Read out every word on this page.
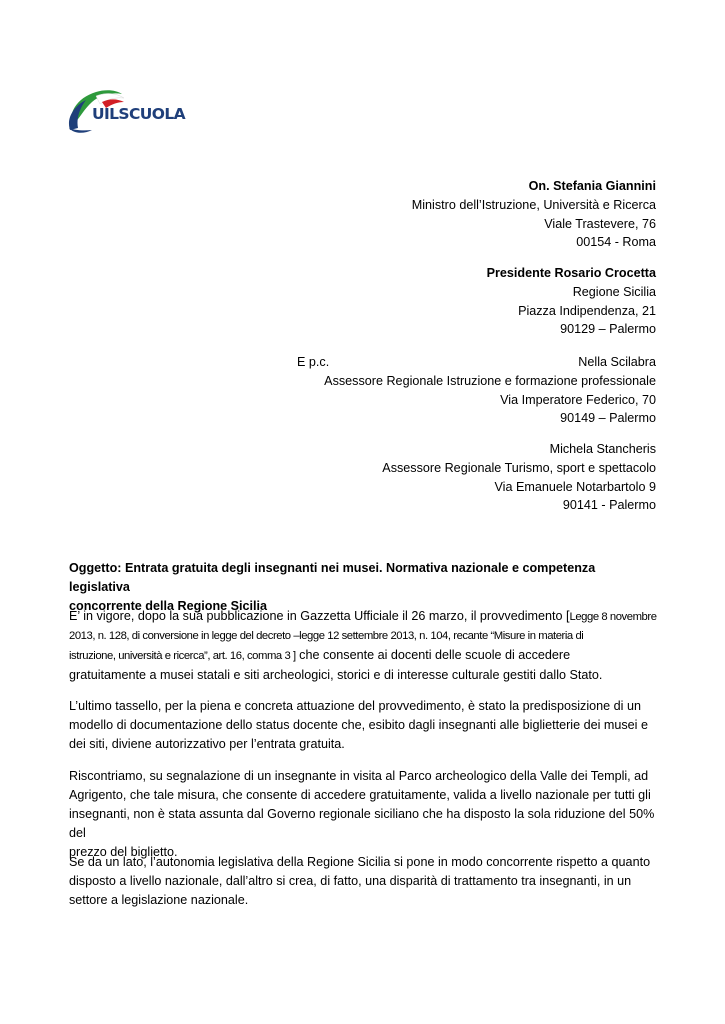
UILSCUOLA
On. Stefania Giannini
Ministro dell’Istruzione, Università e Ricerca
Viale Trastevere, 76
00154 - Roma
Presidente Rosario Crocetta
Regione Sicilia
Piazza Indipendenza, 21
90129 – Palermo
E p.c.	Nella Scilabra
Assessore Regionale Istruzione e formazione professionale
Via Imperatore Federico, 70
90149 – Palermo
Michela Stancheris
Assessore Regionale Turismo, sport e spettacolo
Via Emanuele Notarbartolo 9
90141 - Palermo
Oggetto: Entrata gratuita degli insegnanti nei musei. Normativa nazionale e competenza legislativa
concorrente della Regione Sicilia
E’ in vigore, dopo la sua pubblicazione in Gazzetta Ufficiale il 26 marzo, il provvedimento [Legge 8 novembre
2013, n. 128, di conversione in legge del decreto –legge 12 settembre 2013, n. 104, recante “Misure in materia di
istruzione, università e ricerca”, art. 16, comma 3 ] che consente ai docenti delle scuole di accedere
gratuitamente a musei statali e siti archeologici, storici e di interesse culturale gestiti dallo Stato.
L’ultimo tassello, per la piena e concreta attuazione del provvedimento, è stato la predisposizione di un
modello di documentazione dello status docente che, esibito dagli insegnanti alle biglietterie dei musei e
dei siti, diviene autorizzativo per l’entrata gratuita.
Riscontriamo, su segnalazione di un insegnante in visita al Parco archeologico della Valle dei Templi, ad
Agrigento, che tale misura, che consente di accedere gratuitamente, valida a livello nazionale per tutti gli
insegnanti, non è stata assunta dal Governo regionale siciliano che ha disposto la sola riduzione del 50% del
prezzo del biglietto.
Se da un lato, l’autonomia legislativa della Regione Sicilia si pone in modo concorrente rispetto a quanto
disposto a livello nazionale, dall’altro si crea, di fatto, una disparità di trattamento tra insegnanti, in un
settore a legislazione nazionale.
